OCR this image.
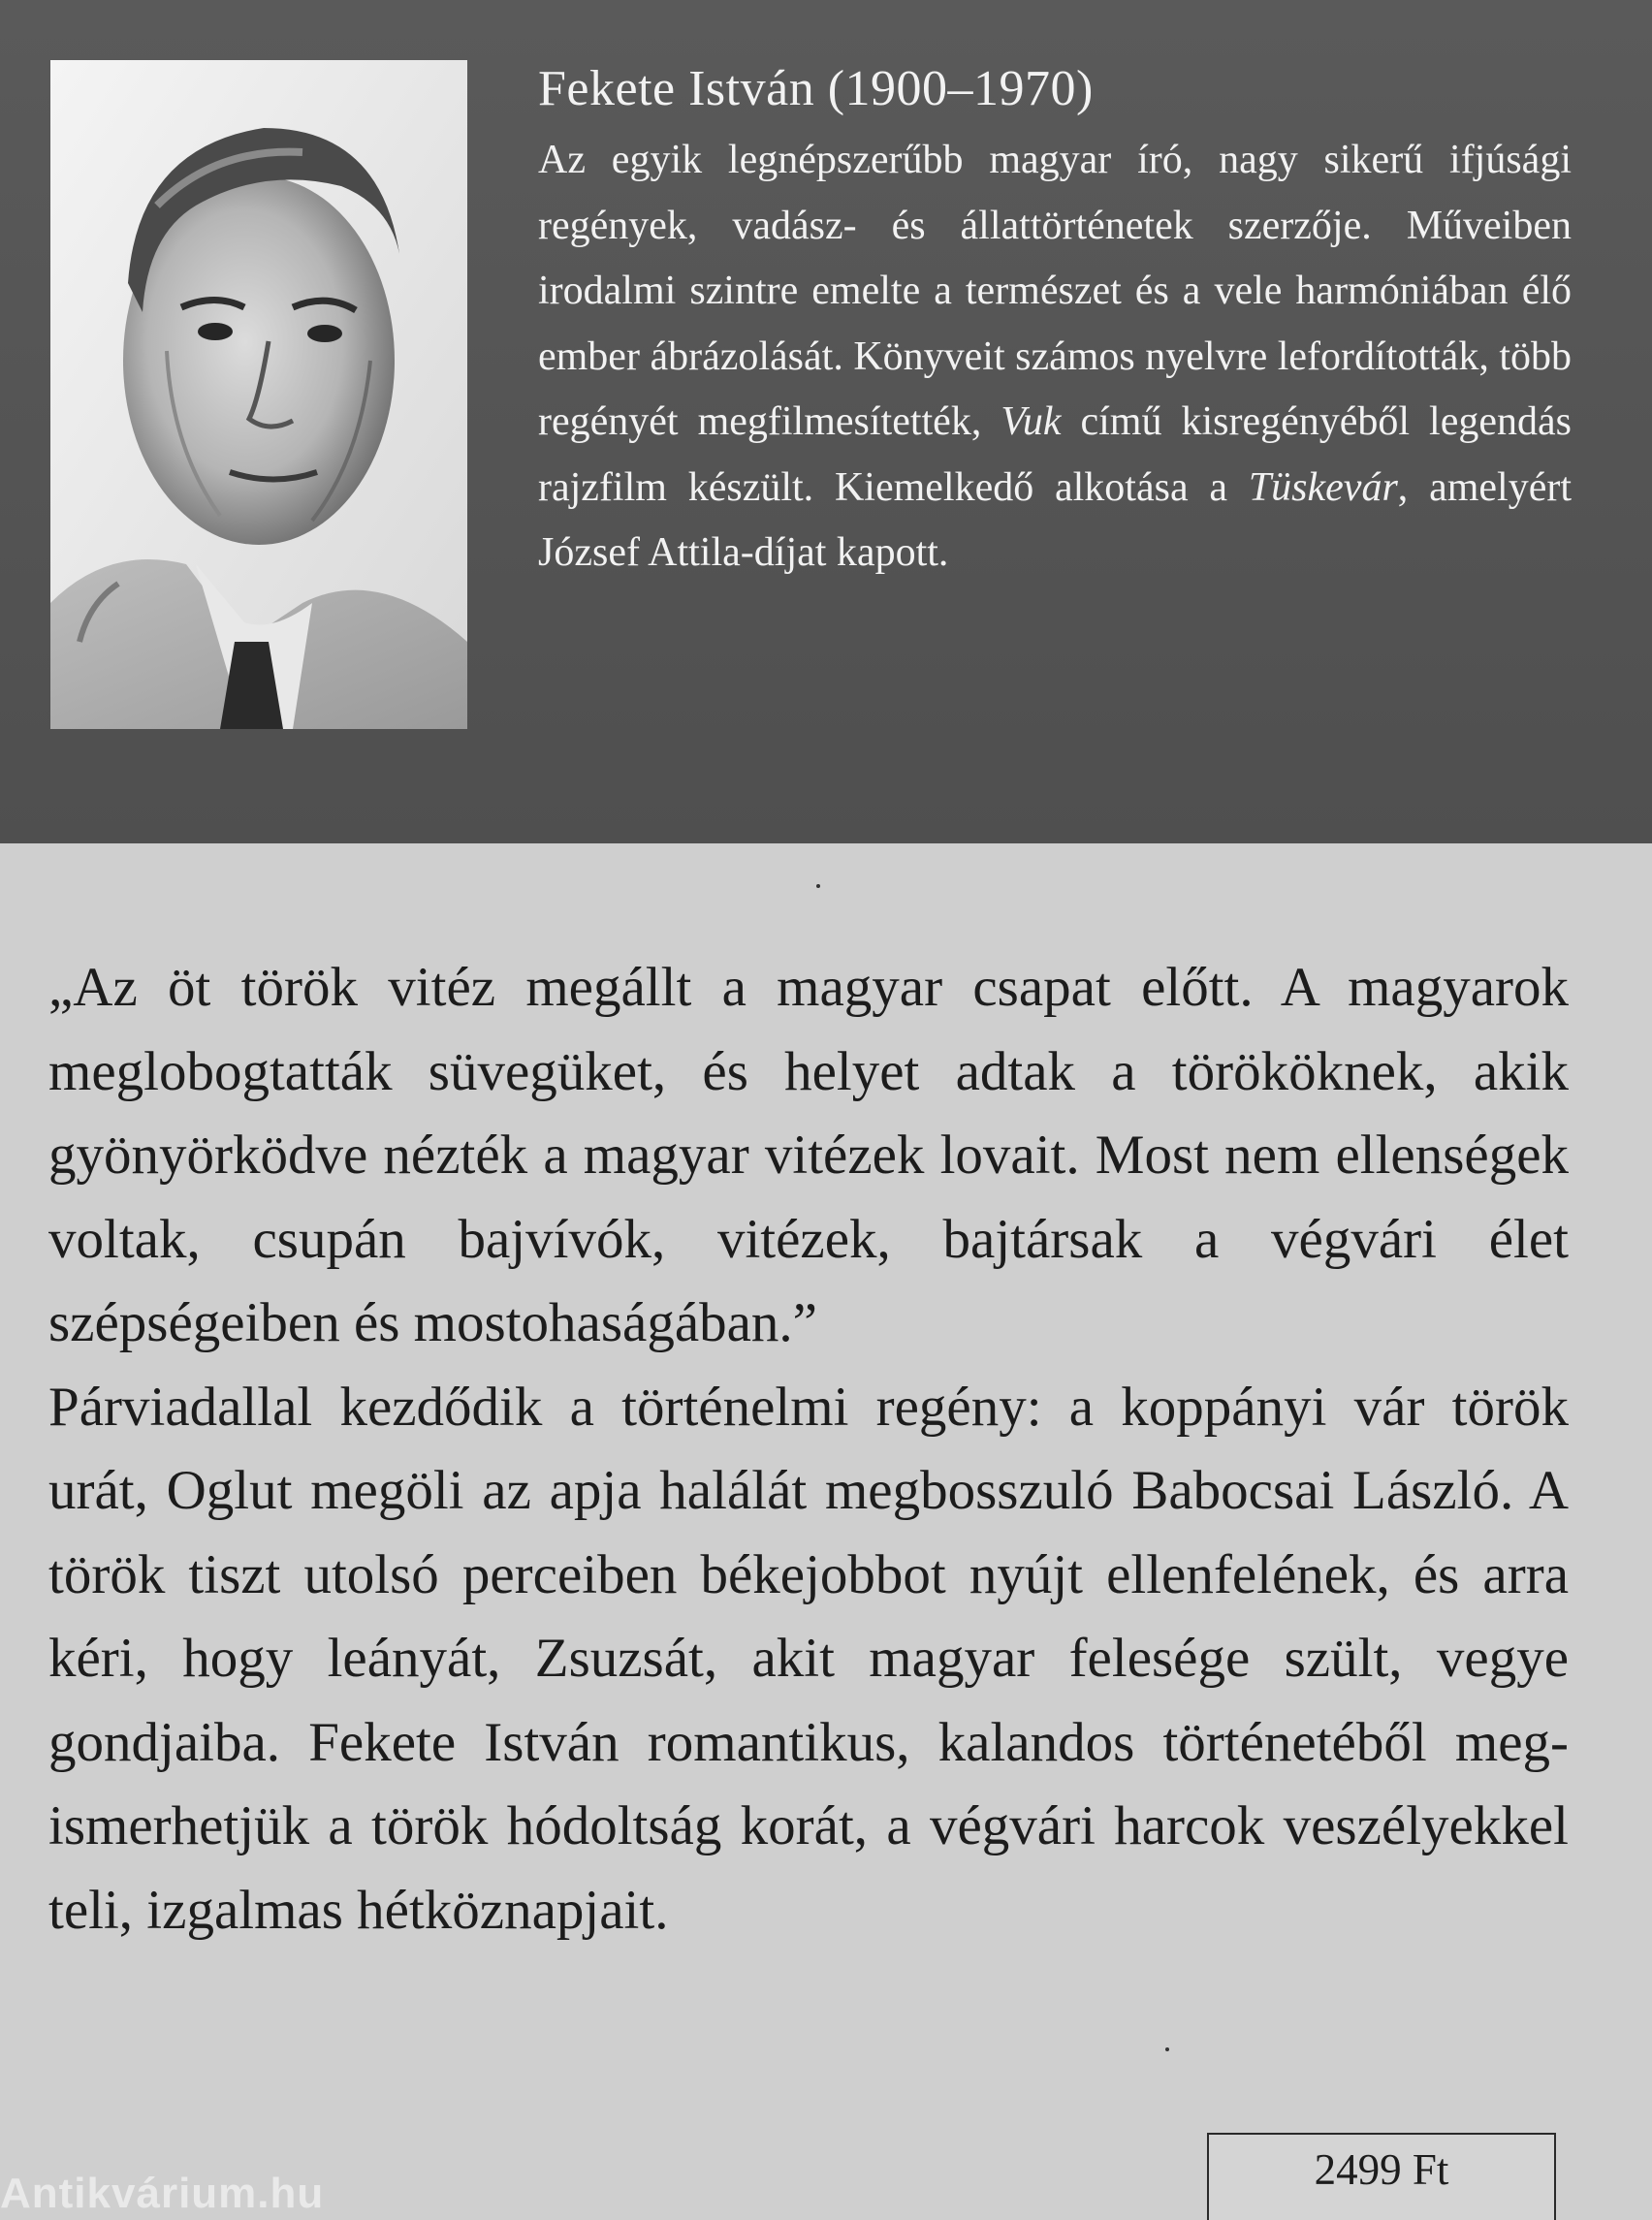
Fekete István (1900–1970)

Az egyik legnépszerűbb magyar író, nagy sikerű ifjúsági regények, vadász- és állattörténetek szerzője. Műveiben irodalmi szintre emelte a természet és a vele harmóniában élő ember ábrázolását. Könyveit számos nyelvre lefordították, több regényét megfilmesítették, Vuk című kisregényéből legendás rajzfilm készült. Kiemelkedő alkotása a Tüskevár, amelyért József Attila-díjat kapott.

„Az öt török vitéz megállt a magyar csapat előtt. A magyarok meglobogtatták süvegüket, és helyet adtak a törököknek, akik gyönyörködve nézték a magyar vitézek lovait. Most nem ellenségek voltak, csupán bajvívók, vitézek, bajtársak a végvári élet szépségeiben és mostohaságában.”

Párviadallal kezdődik a történelmi regény: a koppányi vár török urát, Oglut megöli az apja halálát megbosszuló Babocsai László. A török tiszt utolsó perceiben békejobbot nyújt ellenfelének, és arra kéri, hogy leányát, Zsuzsát, akit magyar felesége szült, vegye gondjaiba. Fekete István romantikus, kalandos történetéből megismerhetjük a török hódoltság korát, a végvári harcok veszélyekkel teli, izgalmas hétköznapjait.

2499 Ft
Antikvárium.hu
